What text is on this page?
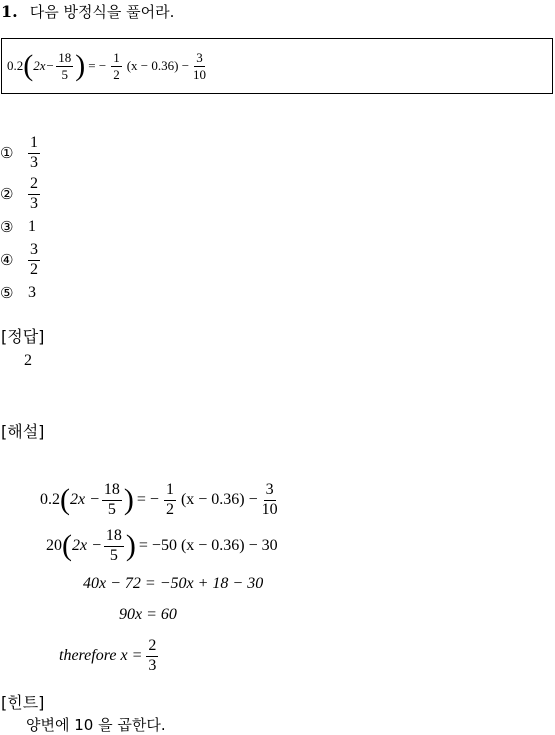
1. 다음 방정식을 풀어라.
0.2 ( $2x- \frac{18}{5}$ ) = − $\frac{1}{2} (x - 0.36) - \frac{3}{10}$
① $\frac{1}{3}$
② $\frac{2}{3}$
③ 1
④ $\frac{3}{2}$
⑤ 3
[정답]
2
[해설]
0.2 ( $2x - \frac{18}{5}$ ) = − $\frac{1}{2} (x - 0.36) - \frac{3}{10}$
20 ( $2x - \frac{18}{5}$ ) = −50 (x − 0.36) − 30
40x − 72 = −50x + 18 − 30
90x = 60
therefore $x = \frac{2}{3}$
[힌트]
양변에 10 을 곱한다.
